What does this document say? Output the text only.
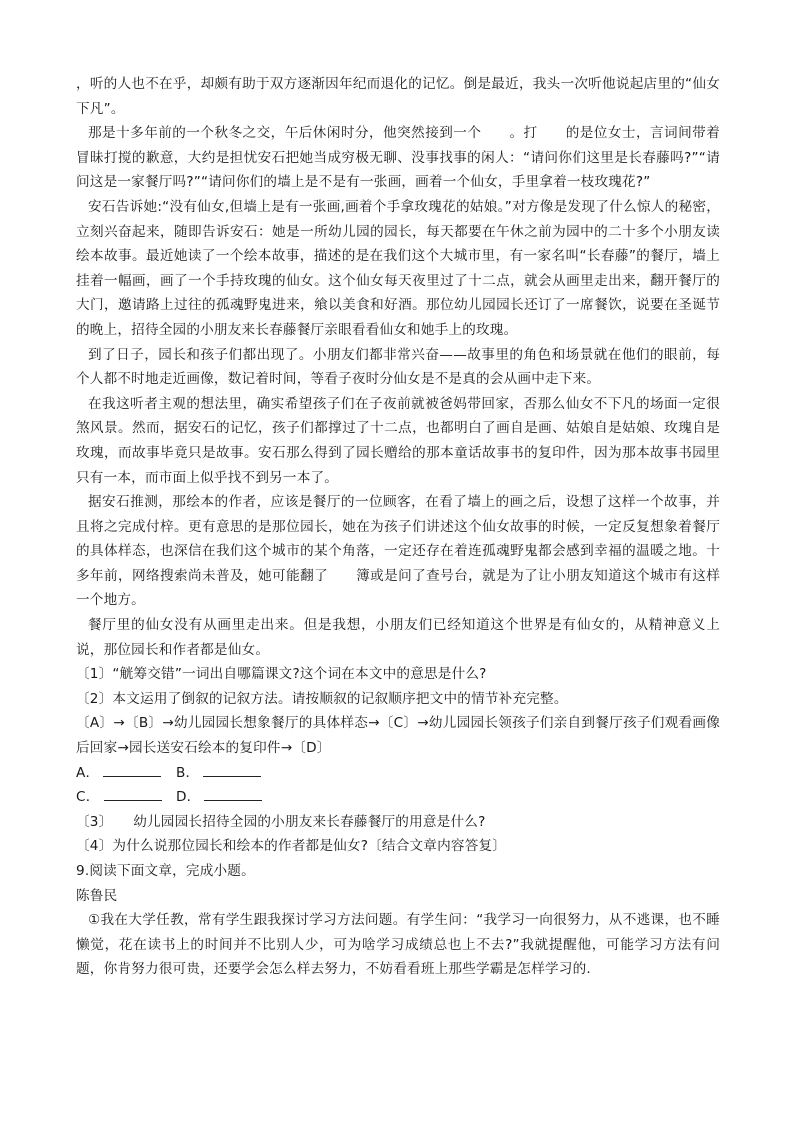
，听的人也不在乎，却颇有助于双方逐渐因年纪而退化的记忆。倒是最近，我头一次听他说起店里的“仙女下凡”。

那是十多年前的一个秋冬之交，午后休闲时分，他突然接到一个　　。打　　的是位女士，言词间带着冒昧打搅的歉意，大约是担忧安石把她当成穷极无聊、没事找事的闲人：“请问你们这里是长春藤吗?”“请问这是一家餐厅吗?”“请问你们的墙上是不是有一张画，画着一个仙女，手里拿着一枝玫瑰花?”

安石告诉她:“没有仙女,但墙上是有一张画,画着个手拿玫瑰花的姑娘。”对方像是发现了什么惊人的秘密，立刻兴奋起来，随即告诉安石：她是一所幼儿园的园长，每天都要在午休之前为园中的二十多个小朋友读绘本故事。最近她读了一个绘本故事，描述的是在我们这个大城市里，有一家名叫“长春藤”的餐厅，墙上挂着一幅画，画了一个手持玫瑰的仙女。这个仙女每天夜里过了十二点，就会从画里走出来，翻开餐厅的大门，邀请路上过往的孤魂野鬼进来，飨以美食和好酒。那位幼儿园园长还订了一席餐饮，说要在圣诞节的晚上，招待全园的小朋友来长春藤餐厅亲眼看看仙女和她手上的玫瑰。

到了日子，园长和孩子们都出现了。小朋友们都非常兴奋——故事里的角色和场景就在他们的眼前，每个人都不时地走近画像，数记着时间，等看子夜时分仙女是不是真的会从画中走下来。

在我这听者主观的想法里，确实希望孩子们在子夜前就被爸妈带回家，否那么仙女不下凡的场面一定很煞风景。然而，据安石的记忆，孩子们都撑过了十二点，也都明白了画自是画、姑娘自是姑娘、玫瑰自是玫瑰，而故事毕竟只是故事。安石那么得到了园长赠给的那本童话故事书的复印件，因为那本故事书园里只有一本，而市面上似乎找不到另一本了。

据安石推测，那绘本的作者，应该是餐厅的一位顾客，在看了墙上的画之后，设想了这样一个故事，并且将之完成付梓。更有意思的是那位园长，她在为孩子们讲述这个仙女故事的时候，一定反复想象着餐厅的具体样态，也深信在我们这个城市的某个角落，一定还存在着连孤魂野鬼都会感到幸福的温暖之地。十多年前，网络搜索尚未普及，她可能翻了　　簿或是问了查号台，就是为了让小朋友知道这个城市有这样一个地方。

餐厅里的仙女没有从画里走出来。但是我想，小朋友们已经知道这个世界是有仙女的，从精神意义上说，那位园长和作者都是仙女。

〔1〕“觥筹交错”一词出自哪篇课文?这个词在本文中的意思是什么?

〔2〕本文运用了倒叙的记叙方法。请按顺叙的记叙顺序把文中的情节补充完整。

〔A〕→〔B〕→幼儿园园长想象餐厅的具体样态→〔C〕→幼儿园园长领孩子们亲自到餐厅孩子们观看画像后回家→园长送安石绘本的复印件→〔D〕

A．	B．
C．	D．

〔3〕　　幼儿园园长招待全园的小朋友来长春藤餐厅的用意是什么?

〔4〕为什么说那位园长和绘本的作者都是仙女?〔结合文章内容答复〕

9.阅读下面文章，完成小题。

陈鲁民

①我在大学任教，常有学生跟我探讨学习方法问题。有学生问：“我学习一向很努力，从不逃课，也不睡懒觉，花在读书上的时间并不比别人少，可为啥学习成绩总也上不去?”我就提醒他，可能学习方法有问题，你肯努力很可贵，还要学会怎么样去努力，不妨看看班上那些学霸是怎样学习的.
